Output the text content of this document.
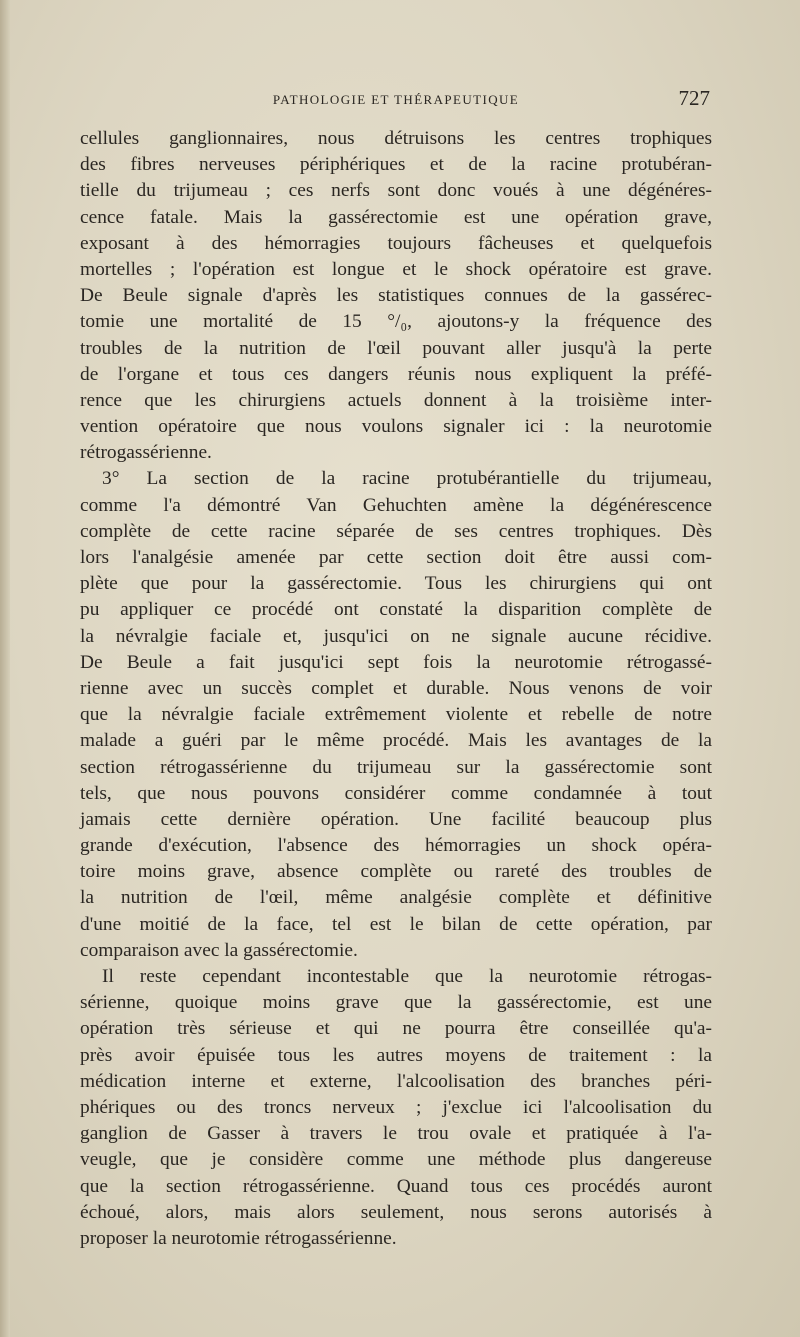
PATHOLOGIE ET THÉRAPEUTIQUE	727
cellules ganglionnaires, nous détruisons les centres trophiques
des fibres nerveuses périphériques et de la racine protubéran-
tielle du trijumeau ; ces nerfs sont donc voués à une dégénéres-
cence fatale. Mais la gassérectomie est une opération grave,
exposant à des hémorragies toujours fâcheuses et quelquefois
mortelles ; l'opération est longue et le shock opératoire est grave.
De Beule signale d'après les statistiques connues de la gassérec-
tomie une mortalité de 15 °/₀, ajoutons-y la fréquence des
troubles de la nutrition de l'œil pouvant aller jusqu'à la perte
de l'organe et tous ces dangers réunis nous expliquent la préfé-
rence que les chirurgiens actuels donnent à la troisième inter-
vention opératoire que nous voulons signaler ici : la neurotomie
rétrogassérienne.
3° La section de la racine protubérantielle du trijumeau,
comme l'a démontré Van Gehuchten amène la dégénérescence
complète de cette racine séparée de ses centres trophiques. Dès
lors l'analgésie amenée par cette section doit être aussi com-
plète que pour la gassérectomie. Tous les chirurgiens qui ont
pu appliquer ce procédé ont constaté la disparition complète de
la névralgie faciale et, jusqu'ici on ne signale aucune récidive.
De Beule a fait jusqu'ici sept fois la neurotomie rétrogassé-
rienne avec un succès complet et durable. Nous venons de voir
que la névralgie faciale extrêmement violente et rebelle de notre
malade a guéri par le même procédé. Mais les avantages de la
section rétrogassérienne du trijumeau sur la gassérectomie sont
tels, que nous pouvons considérer comme condamnée à tout
jamais cette dernière opération. Une facilité beaucoup plus
grande d'exécution, l'absence des hémorragies un shock opéra-
toire moins grave, absence complète ou rareté des troubles de
la nutrition de l'œil, même analgésie complète et définitive
d'une moitié de la face, tel est le bilan de cette opération, par
comparaison avec la gassérectomie.
Il reste cependant incontestable que la neurotomie rétrogas-
sérienne, quoique moins grave que la gassérectomie, est une
opération très sérieuse et qui ne pourra être conseillée qu'a-
près avoir épuisée tous les autres moyens de traitement : la
médication interne et externe, l'alcoolisation des branches péri-
phériques ou des troncs nerveux ; j'exclue ici l'alcoolisation du
ganglion de Gasser à travers le trou ovale et pratiquée à l'a-
veugle, que je considère comme une méthode plus dangereuse
que la section rétrogassérienne. Quand tous ces procédés auront
échoué, alors, mais alors seulement, nous serons autorisés à
proposer la neurotomie rétrogassérienne.
